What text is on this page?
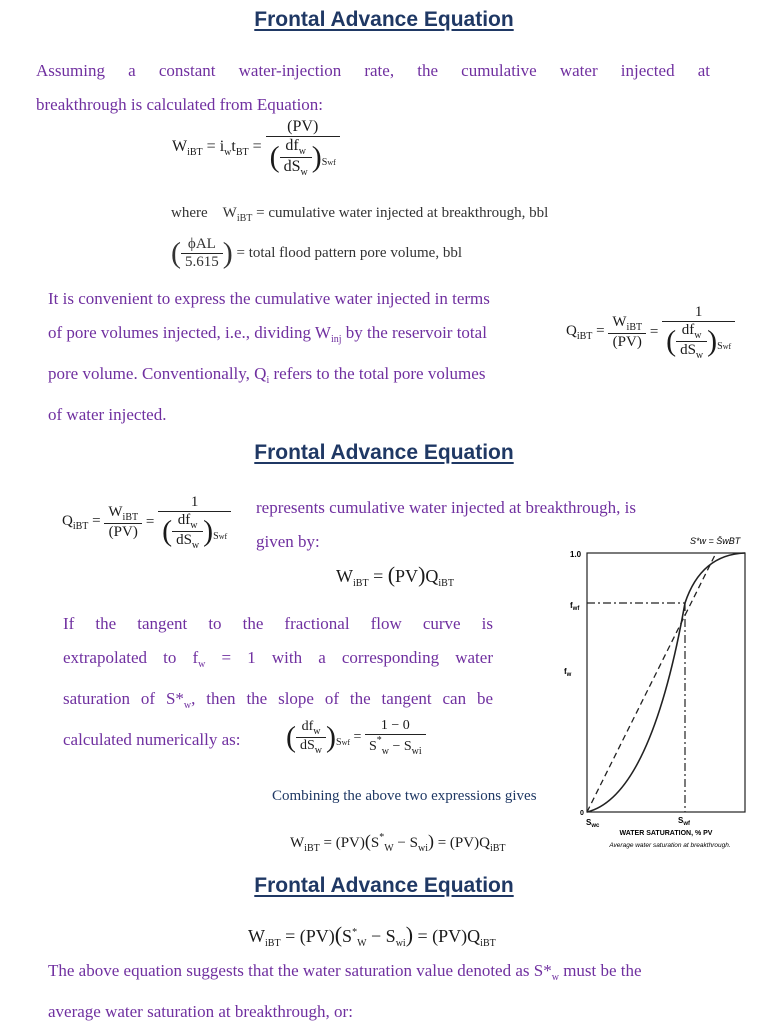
Frontal Advance Equation
Assuming a constant water-injection rate, the cumulative water injected at
breakthrough is calculated from Equation:
$W_{iBT} = i_wt_{BT} = \frac{(PV)}{( \frac{df_w}{dS_w} )_{Swf}}$
where    $W_{iBT}$ = cumulative water injected at breakthrough, bbl
( $\frac{\text{ϕAL}}{5.615}$ ) = total flood pattern pore volume, bbl
It is convenient to express the cumulative water injected in terms
of pore volumes injected, i.e., dividing $W_{inj}$ by the reservoir total
pore volume. Conventionally, $Q_i$ refers to the total pore volumes
of water injected.
$Q_{iBT} = \frac{W_{iBT}}{(PV)} = \frac{1}{( \frac{df_w}{dS_w} )_{Swf}}$
Frontal Advance Equation
$Q_{iBT} = \frac{W_{iBT}}{(PV)} = \frac{1}{( \frac{df_w}{dS_w} )_{Swf}}$ represents cumulative water injected at breakthrough, is
given by:
$W_{iBT} = (PV)Q_{iBT}$
If the tangent to the fractional flow curve is
extrapolated to $f_w = 1$ with a corresponding water
saturation of $S*_w$, then the slope of the tangent can be
calculated numerically as:	( $\frac{df_w}{dS_w} )_{Swf} = \frac{1 - 0}{S^*_w - S_{wi}}$
Combining the above two expressions gives
$W_{iBT} = (PV)(S^*_W - S_{wi}) = (PV)Q_{iBT}$
1.0
$f_{wf}$
$f_w$
0
$S_{wc}$
$S_{wf}$
WATER SATURATION, % PV
Average water saturation at breakthrough.
S*w = S̄wBT
Frontal Advance Equation
$W_{iBT} = (PV)(S^*_W - S_{wi}) = (PV)Q_{iBT}$
The above equation suggests that the water saturation value denoted as $S*_w$ must be the
average water saturation at breakthrough, or:
